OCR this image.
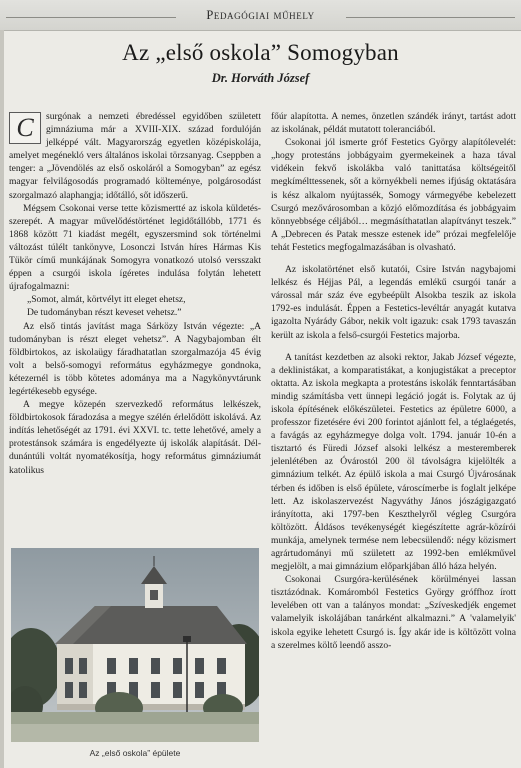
Pedagógiai műhely
Az „első oskola” Somogyban
Dr. Horváth József

C	surgónak a nemzeti ébredéssel egyidőben született gimnáziuma már a XVIII-XIX. század fordulóján jelképpé vált. Magyarország egyetlen középiskolája, amelyet megénekló vers általános iskolai törzsanyag. Cseppben a tenger: a „Jövendölés az első oskoláról a Somogyban” az egész magyar felvilágosodás programadó költeménye, polgárosodást szorgalmazó alaphangja; időtálló, sőt időszerű.

Mégsem Csokonai verse tette közismertté az iskola küldetés-szerepét. A magyar művelődéstörténet legidőtállóbb, 1771 és 1868 között 71 kiadást megélt, egyszersmind sok történelmi változást túlélt tankönyve, Losonczi István híres Hármas Kis Tükör című munkájának Somogyra vonatkozó utolsó versszakt éppen a csurgói iskola ígéretes indulása folytán lehetett újrafogalmazni:

„Somot, almát, körtvélyt itt eleget ehetsz,

De tudományban részt keveset vehetsz.”

Az első tintás javítást maga Sárközy István végezte: „A tudományban is részt eleget vehetsz”. A Nagybajomban élt földbirtokos, az iskolaügy fáradhatatlan szorgalmazója 45 évig volt a belső-somogyi református egyházmegye gondnoka, kétezernél is több kötetes adománya ma a Nagykönyvtárunk legértékesebb egysége.

A megye közepén szervezkedő református lelkészek, földbirtokosok fáradozása a megye szélén érlelődött iskolává. Az indítás lehetőségét az 1791. évi XXVI. tc. tette lehetővé, amely a protestánsok számára is engedélyezte új iskolák alapítását. Dél-dunántúli voltát nyomatékosítja, hogy református gimnáziumát katolikus

Az „első oskola” épülete

főúr alapította. A nemes, önzetlen szándék irányt, tartást adott az iskolának, példát mutatott toleranciából.

Csokonai jól ismerte gróf Festetics György alapítólevelét: „hogy protestáns jobbágyaim gyermekeinek a haza tával vidékein fekvő iskolákba való tanittatása költségeitől megkímélttessenek, sőt a környékbeli nemes ifjúság oktatására is kész alkalom nyújtassék, Somogy vármegyébe kebelezett Csurgó mezővárosomban a közjó előmozdítása és jobbágyaim könnyebbsége céljából… megmásíthatatlan alapítványt teszek.” A „Debrecen és Patak messze estenek ide” prózai megfelelője tehát Festetics megfogalmazásában is olvasható.

Az iskolatörténet első kutatói, Csire István nagybajomi lelkész és Héjjas Pál, a legendás emlékű csurgói tanár a várossal már száz éve egybeépült Alsokba teszik az iskola 1792-es indulását. Éppen a Festetics-levéltár anyagát kutatva igazolta Nyárády Gábor, nekik volt igazuk: csak 1793 tavaszán került az iskola a felső-csurgói Festetics majorba.

A tanítást kezdetben az alsoki rektor, Jakab József végezte, a deklinistákat, a komparatistákat, a konjugistákat a preceptor oktatta. Az iskola megkapta a protestáns iskolák fenntartásában mindig számításba vett ünnepi legáció jogát is. Folytak az új iskola építésének előkészületei. Festetics az épületre 6000, a professzor fizetésére évi 200 forintot ajánlott fel, a téglaégetés, a favágás az egyházmegye dolga volt. 1794. január 10-én a tisztartó és Füredi József alsoki lelkész a mesteremberek jelenlétében az Óvárostól 200 öl távolságra kijelölték a gimnázium telkét. Az épülő iskola a mai Csurgó Újvárosának térben és időben is első épülete, városcímerbe is foglalt jelképe lett. Az iskolaszervezést Nagyváthy János jószágigazgató irányította, aki 1797-ben Keszthelyről végleg Csurgóra költözött. Áldásos tevékenységét kiegészítette agrár-közírói munkája, amelynek termése nem lebecsülendő: négy közismert agrártudományi mű született az 1992-ben emlékművel megjelölt, a mai gimnázium előparkjában álló háza helyén.

Csokonai Csurgóra-kerülésének körülményei lassan tisztázódnak. Komáromból Festetics György gróffhoz írott levelében ott van a talányos mondat: „Szíveskedjék engemet valamelyik iskolájában tanárként alkalmazni.” A 'valamelyik' iskola egyike lehetett Csurgó is. Így akár ide is költözött volna a szerelmes költő leendő asszo-
